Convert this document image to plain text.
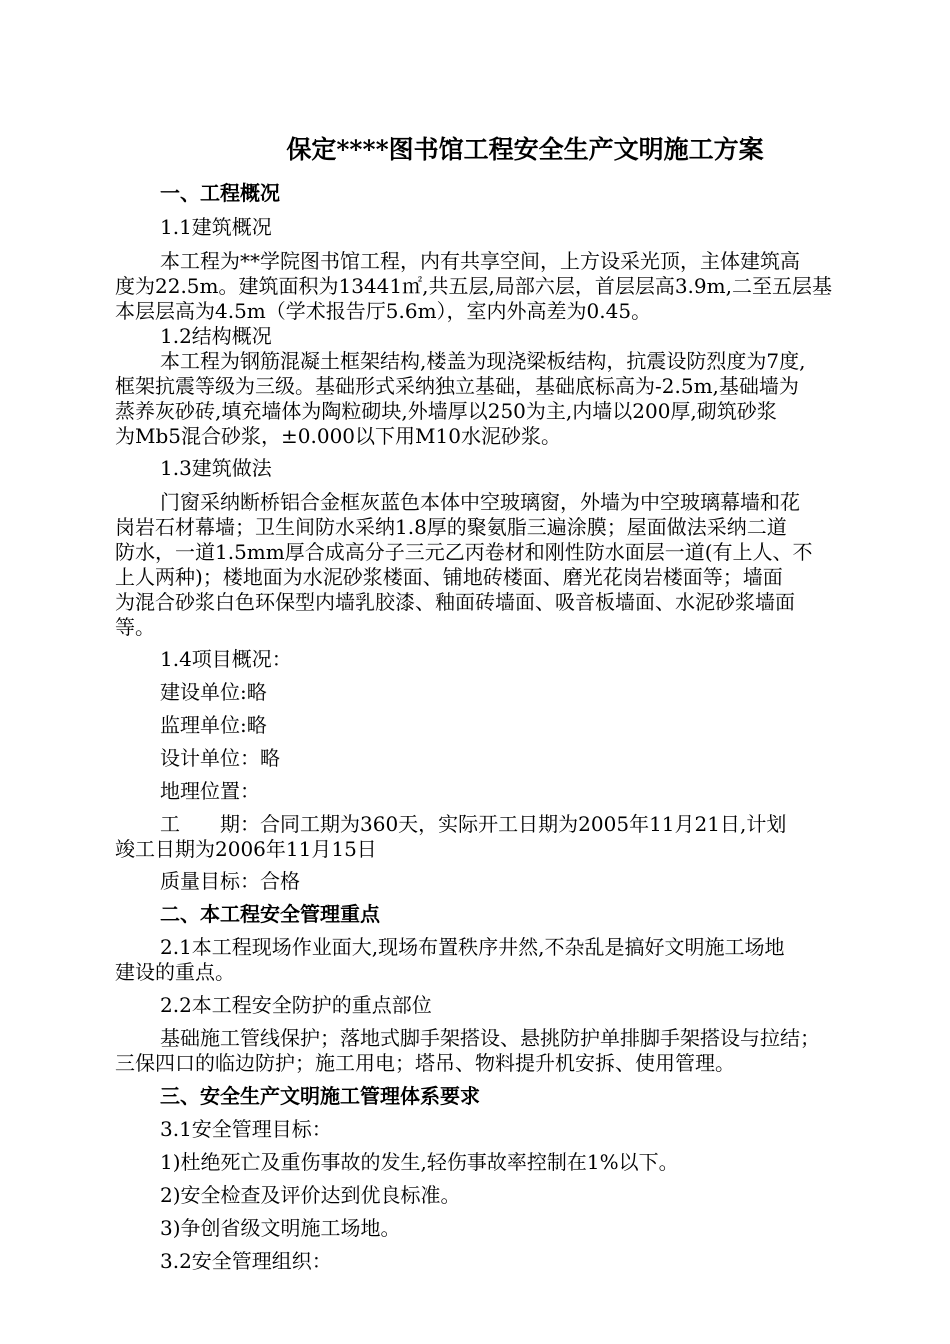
保定****图书馆工程安全生产文明施工方案
一、工程概况
1.1建筑概况
本工程为**学院图书馆工程，内有共享空间，上方设采光顶，主体建筑高
度为22.5m。建筑面积为13441㎡,共五层,局部六层，首层层高3.9m,二至五层基
本层层高为4.5m（学术报告厅5.6m），室内外高差为0.45。
1.2结构概况
本工程为钢筋混凝土框架结构,楼盖为现浇梁板结构，抗震设防烈度为7度,
框架抗震等级为三级。基础形式采纳独立基础，基础底标高为-2.5m,基础墙为
蒸养灰砂砖,填充墙体为陶粒砌块,外墙厚以250为主,内墙以200厚,砌筑砂浆
为Mb5混合砂浆，±0.000以下用M10水泥砂浆。
1.3建筑做法
门窗采纳断桥铝合金框灰蓝色本体中空玻璃窗，外墙为中空玻璃幕墙和花
岗岩石材幕墙；卫生间防水采纳1.8厚的聚氨脂三遍涂膜；屋面做法采纳二道
防水，一道1.5mm厚合成高分子三元乙丙卷材和刚性防水面层一道(有上人、不
上人两种)；楼地面为水泥砂浆楼面、铺地砖楼面、磨光花岗岩楼面等；墙面
为混合砂浆白色环保型内墙乳胶漆、釉面砖墙面、吸音板墙面、水泥砂浆墙面
等。
1.4项目概况：
建设单位:略
监理单位:略
设计单位：略
地理位置：
工　　期：合同工期为360天，实际开工日期为2005年11月21日,计划
竣工日期为2006年11月15日
质量目标：合格
二、本工程安全管理重点
2.1本工程现场作业面大,现场布置秩序井然,不杂乱是搞好文明施工场地
建设的重点。
2.2本工程安全防护的重点部位
基础施工管线保护；落地式脚手架搭设、悬挑防护单排脚手架搭设与拉结；
三保四口的临边防护；施工用电；塔吊、物料提升机安拆、使用管理。
三、安全生产文明施工管理体系要求
3.1安全管理目标：
1)杜绝死亡及重伤事故的发生,轻伤事故率控制在1%以下。
2)安全检查及评价达到优良标准。
3)争创省级文明施工场地。
3.2安全管理组织：
